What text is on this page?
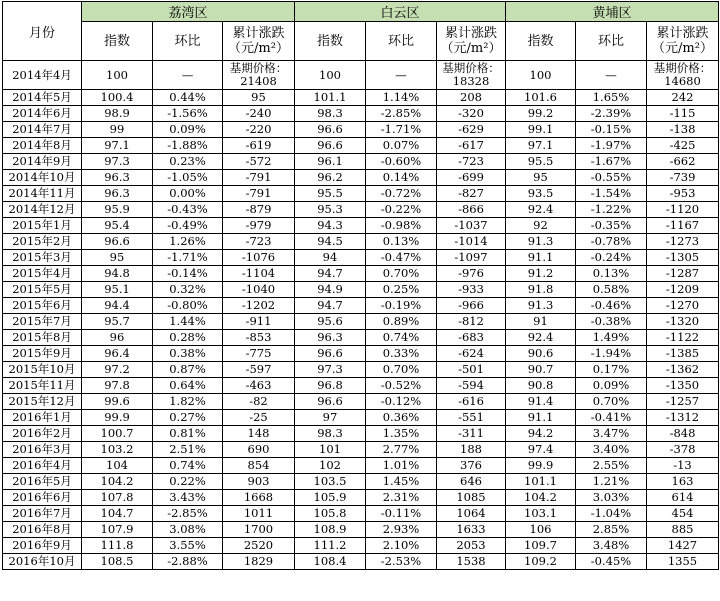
月份	荔湾区			白云区			黄埔区		
	指数	环比	累计涨跌（元/m²）	指数	环比	累计涨跌（元/m²）	指数	环比	累计涨跌（元/m²）
2014年4月	100	—	基期价格：21408	100	—	基期价格：18328	100	—	基期价格：14680
2014年5月	100.4	0.44%	95	101.1	1.14%	208	101.6	1.65%	242
2014年6月	98.9	-1.56%	-240	98.3	-2.85%	-320	99.2	-2.39%	-115
2014年7月	99	0.09%	-220	96.6	-1.71%	-629	99.1	-0.15%	-138
2014年8月	97.1	-1.88%	-619	96.6	0.07%	-617	97.1	-1.97%	-425
2014年9月	97.3	0.23%	-572	96.1	-0.60%	-723	95.5	-1.67%	-662
2014年10月	96.3	-1.05%	-791	96.2	0.14%	-699	95	-0.55%	-739
2014年11月	96.3	0.00%	-791	95.5	-0.72%	-827	93.5	-1.54%	-953
2014年12月	95.9	-0.43%	-879	95.3	-0.22%	-866	92.4	-1.22%	-1120
2015年1月	95.4	-0.49%	-979	94.3	-0.98%	-1037	92	-0.35%	-1167
2015年2月	96.6	1.26%	-723	94.5	0.13%	-1014	91.3	-0.78%	-1273
2015年3月	95	-1.71%	-1076	94	-0.47%	-1097	91.1	-0.24%	-1305
2015年4月	94.8	-0.14%	-1104	94.7	0.70%	-976	91.2	0.13%	-1287
2015年5月	95.1	0.32%	-1040	94.9	0.25%	-933	91.8	0.58%	-1209
2015年6月	94.4	-0.80%	-1202	94.7	-0.19%	-966	91.3	-0.46%	-1270
2015年7月	95.7	1.44%	-911	95.6	0.89%	-812	91	-0.38%	-1320
2015年8月	96	0.28%	-853	96.3	0.74%	-683	92.4	1.49%	-1122
2015年9月	96.4	0.38%	-775	96.6	0.33%	-624	90.6	-1.94%	-1385
2015年10月	97.2	0.87%	-597	97.3	0.70%	-501	90.7	0.17%	-1362
2015年11月	97.8	0.64%	-463	96.8	-0.52%	-594	90.8	0.09%	-1350
2015年12月	99.6	1.82%	-82	96.6	-0.12%	-616	91.4	0.70%	-1257
2016年1月	99.9	0.27%	-25	97	0.36%	-551	91.1	-0.41%	-1312
2016年2月	100.7	0.81%	148	98.3	1.35%	-311	94.2	3.47%	-848
2016年3月	103.2	2.51%	690	101	2.77%	188	97.4	3.40%	-378
2016年4月	104	0.74%	854	102	1.01%	376	99.9	2.55%	-13
2016年5月	104.2	0.22%	903	103.5	1.45%	646	101.1	1.21%	163
2016年6月	107.8	3.43%	1668	105.9	2.31%	1085	104.2	3.03%	614
2016年7月	104.7	-2.85%	1011	105.8	-0.11%	1064	103.1	-1.04%	454
2016年8月	107.9	3.08%	1700	108.9	2.93%	1633	106	2.85%	885
2016年9月	111.8	3.55%	2520	111.2	2.10%	2053	109.7	3.48%	1427
2016年10月	108.5	-2.88%	1829	108.4	-2.53%	1538	109.2	-0.45%	1355
